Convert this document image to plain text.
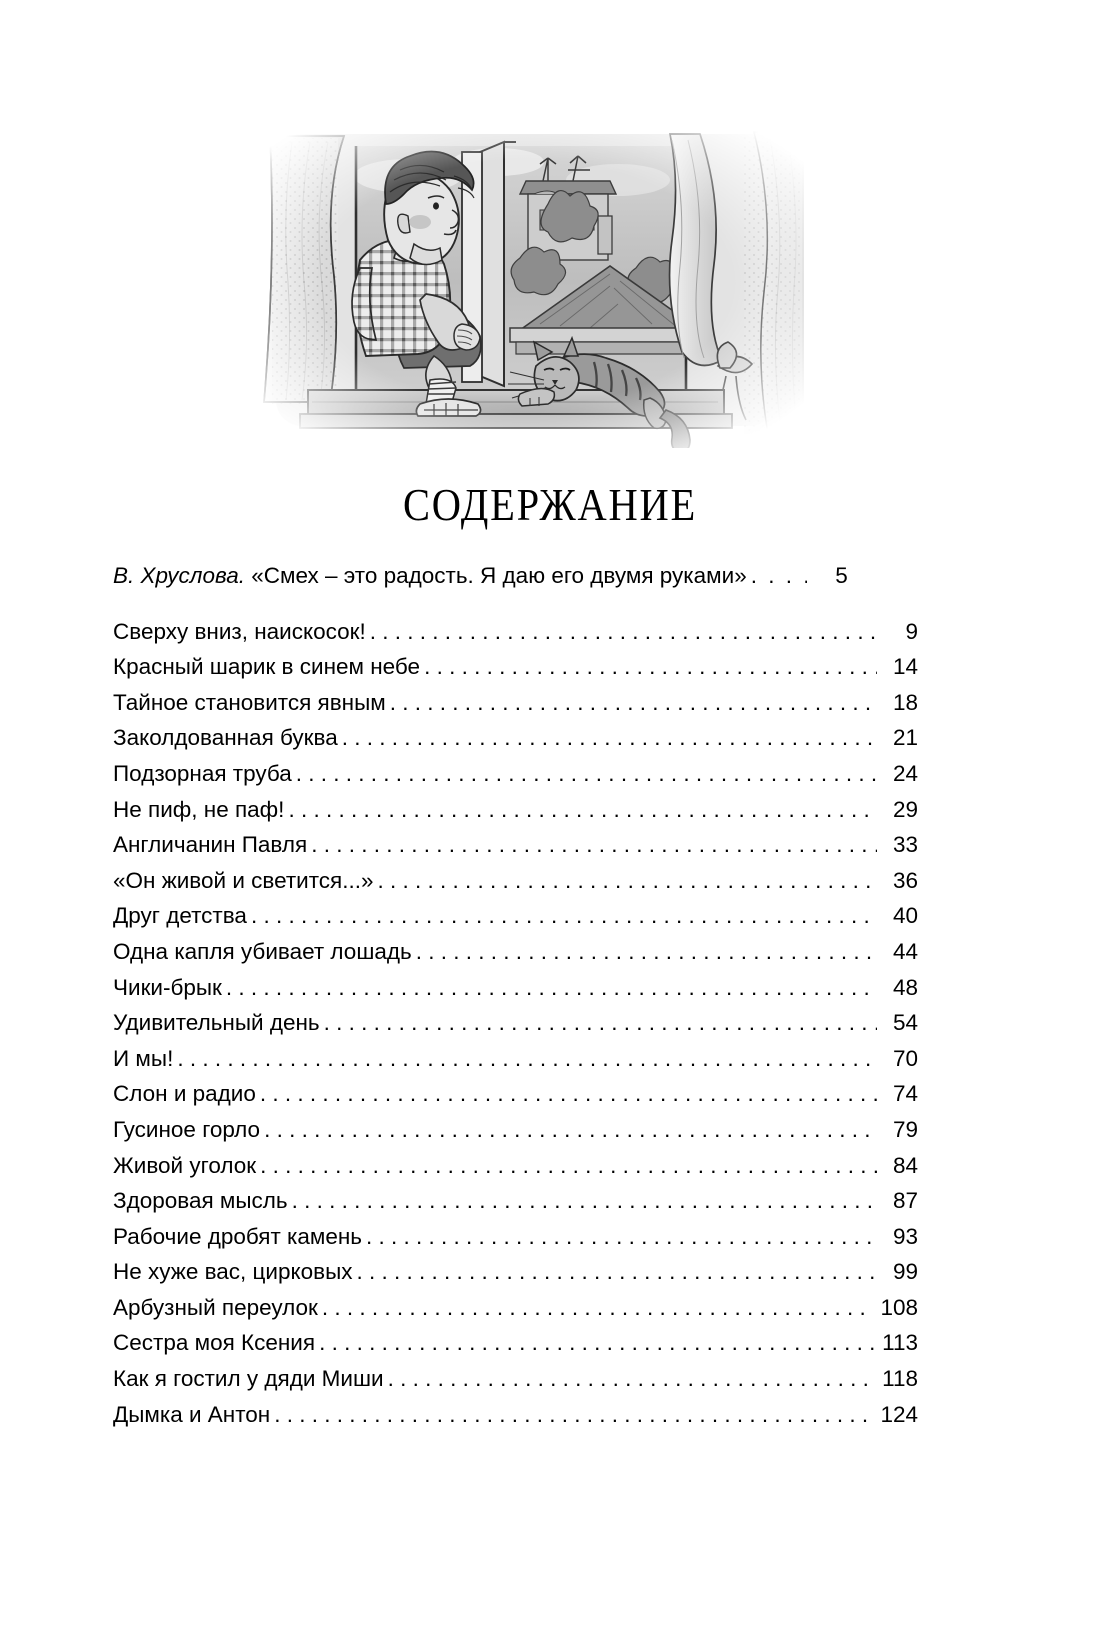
СОДЕРЖАНИЕ
В. Хруслова. «Смех – это радость. Я даю его двумя руками» . . .	5
Сверху вниз, наискосок! . . .	9
Красный шарик в синем небе . . .	14
Тайное становится явным . . .	18
Заколдованная буква . . .	21
Подзорная труба . . .	24
Не пиф, не паф! . . .	29
Англичанин Павля . . .	33
«Он живой и светится...» . . .	36
Друг детства . . .	40
Одна капля убивает лошадь . . .	44
Чики-брык . . .	48
Удивительный день . . .	54
И мы! . . .	70
Слон и радио . . .	74
Гусиное горло . . .	79
Живой уголок . . .	84
Здоровая мысль . . .	87
Рабочие дробят камень . . .	93
Не хуже вас, цирковых . . .	99
Арбузный переулок . . .	108
Сестра моя Ксения . . .	113
Как я гостил у дяди Миши . . .	118
Дымка и Антон . . .	124
